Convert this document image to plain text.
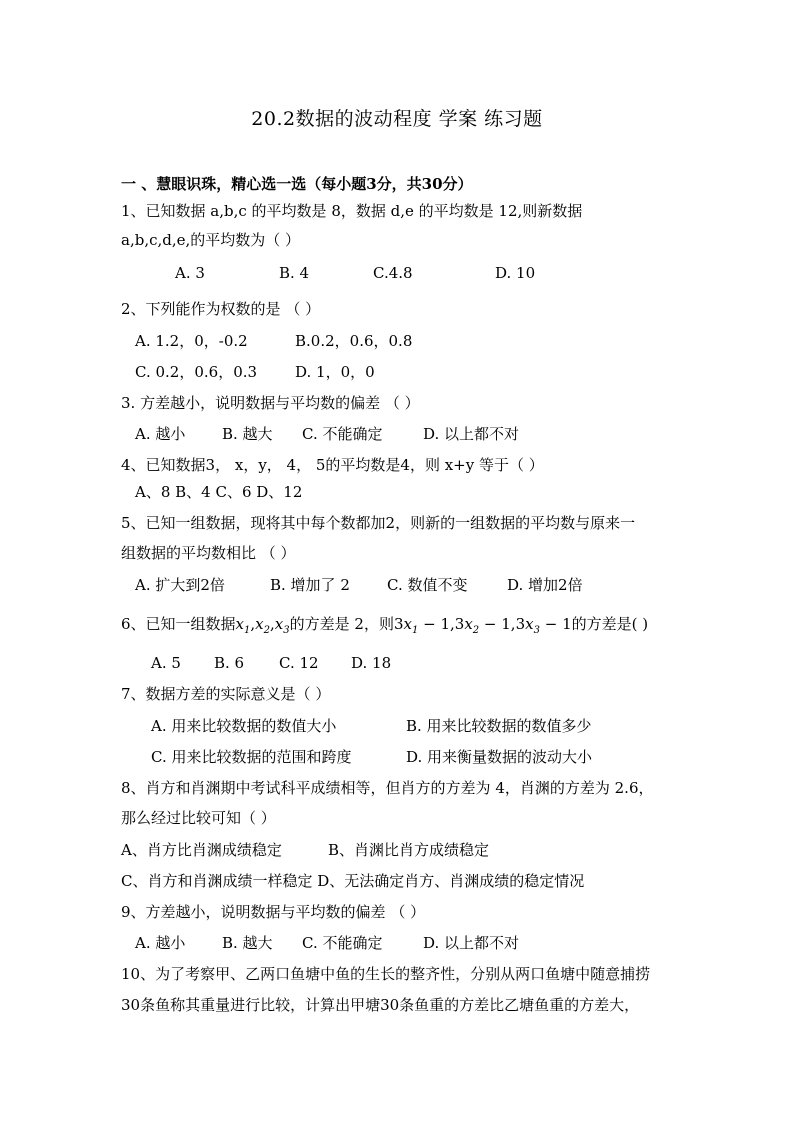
20.2数据的波动程度 学案 练习题
一 、慧眼识珠，精心选一选（每小题3分，共30分）
1、已知数据 a,b,c 的平均数是 8，数据 d,e 的平均数是 12,则新数据
a,b,c,d,e,的平均数为（ ）
A. 3	B. 4	C.4.8	D. 10
2、下列能作为权数的是 （ ）
A. 1.2，0，-0.2	B.0.2，0.6，0.8
C. 0.2，0.6，0.3	D. 1，0，0
3. 方差越小，说明数据与平均数的偏差 （ ）
A. 越小 B. 越大 C. 不能确定	D. 以上都不对
4、已知数据3， x，y， 4， 5的平均数是4，则 x+y 等于（ ）
A、8 B、4 C、6 D、12
5、已知一组数据，现将其中每个数都加2，则新的一组数据的平均数与原来一
组数据的平均数相比 （ ）
A. 扩大到2倍	B. 增加了 2 C. 数值不变	D. 增加2倍
6、已知一组数据$x_1,x_2,x_3$的方差是 2，则$3x_1 - 1,3x_2 - 1,3x_3 - 1$的方差是( )
A. 5 B. 6 C. 12 D. 18
7、数据方差的实际意义是（ ）
A. 用来比较数据的数值大小	B. 用来比较数据的数值多少
C. 用来比较数据的范围和跨度	D. 用来衡量数据的波动大小
8、肖方和肖渊期中考试科平成绩相等，但肖方的方差为 4，肖渊的方差为 2.6，
那么经过比较可知（ ）
A、肖方比肖渊成绩稳定	B、肖渊比肖方成绩稳定
C、肖方和肖渊成绩一样稳定 D、无法确定肖方、肖渊成绩的稳定情况
9、方差越小，说明数据与平均数的偏差 （ ）
A. 越小 B. 越大 C. 不能确定	D. 以上都不对
10、为了考察甲、乙两口鱼塘中鱼的生长的整齐性，分别从两口鱼塘中随意捕捞
30条鱼称其重量进行比较，计算出甲塘30条鱼重的方差比乙塘鱼重的方差大，
